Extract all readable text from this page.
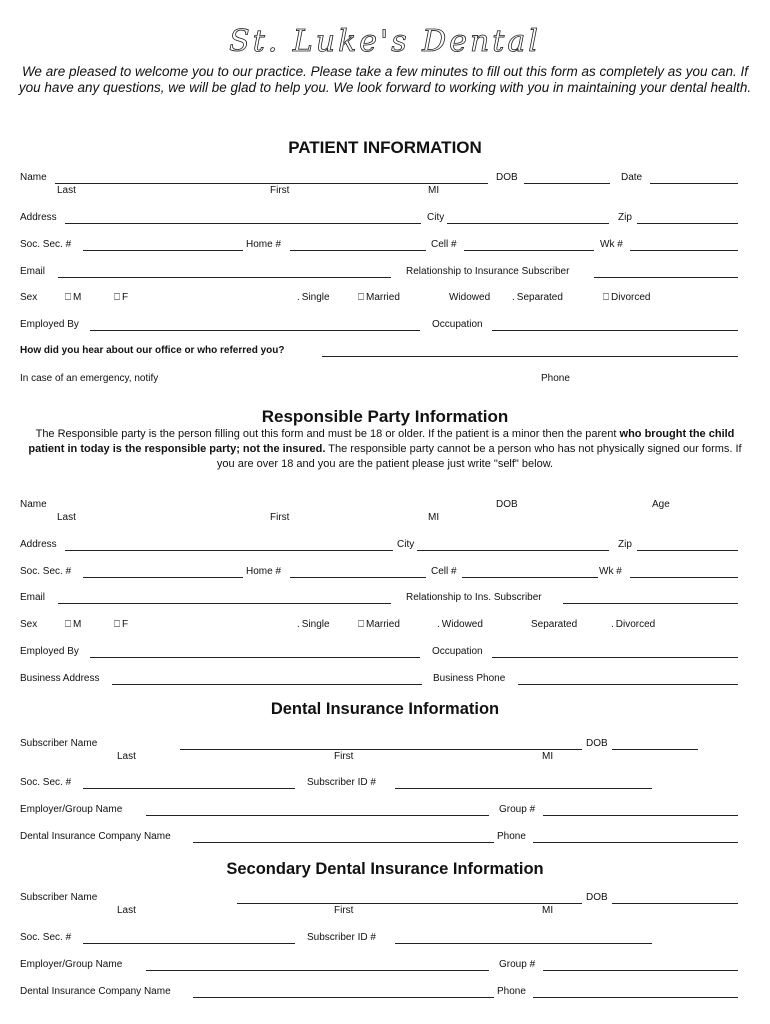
St. Luke's Dental
We are pleased to welcome you to our practice. Please take a few minutes to fill out this form as completely as you can. If you have any questions, we will be glad to help you. We look forward to working with you in maintaining your dental health.
PATIENT INFORMATION
Name	DOB	Date
Last	First	MI
Address	City	Zip
Soc. Sec. #	Home #	Cell #	Wk #
Email	Relationship to Insurance Subscriber
Sex	⎕ M	⎕ F	. Single	⎕ Married	Widowed . Separated	⎕ Divorced
Employed By	Occupation
How did you hear about our office or who referred you?
In case of an emergency, notify	Phone
Responsible Party Information
The Responsible party is the person filling out this form and must be 18 or older. If the patient is a minor then the parent who brought the child patient in today is the responsible party; not the insured. The responsible party cannot be a person who has not physically signed our forms. If you are over 18 and you are the patient please just write "self" below.
Name	DOB	Age
Last	First	MI
Address	City	Zip
Soc. Sec. #	Home #	Cell #	Wk #
Email	Relationship to Ins. Subscriber
Sex	⎕ M	⎕ F	. Single	⎕ Married	. Widowed	Separated	. Divorced
Employed By	Occupation
Business Address	Business Phone
Dental Insurance Information
Subscriber Name	DOB
Last	First	MI
Soc. Sec. #	Subscriber ID #
Employer/Group Name	Group #
Dental Insurance Company Name	Phone
Secondary Dental Insurance Information
Subscriber Name	DOB
Last	First	MI
Soc. Sec. #	Subscriber ID #
Employer/Group Name	Group #
Dental Insurance Company Name	Phone
